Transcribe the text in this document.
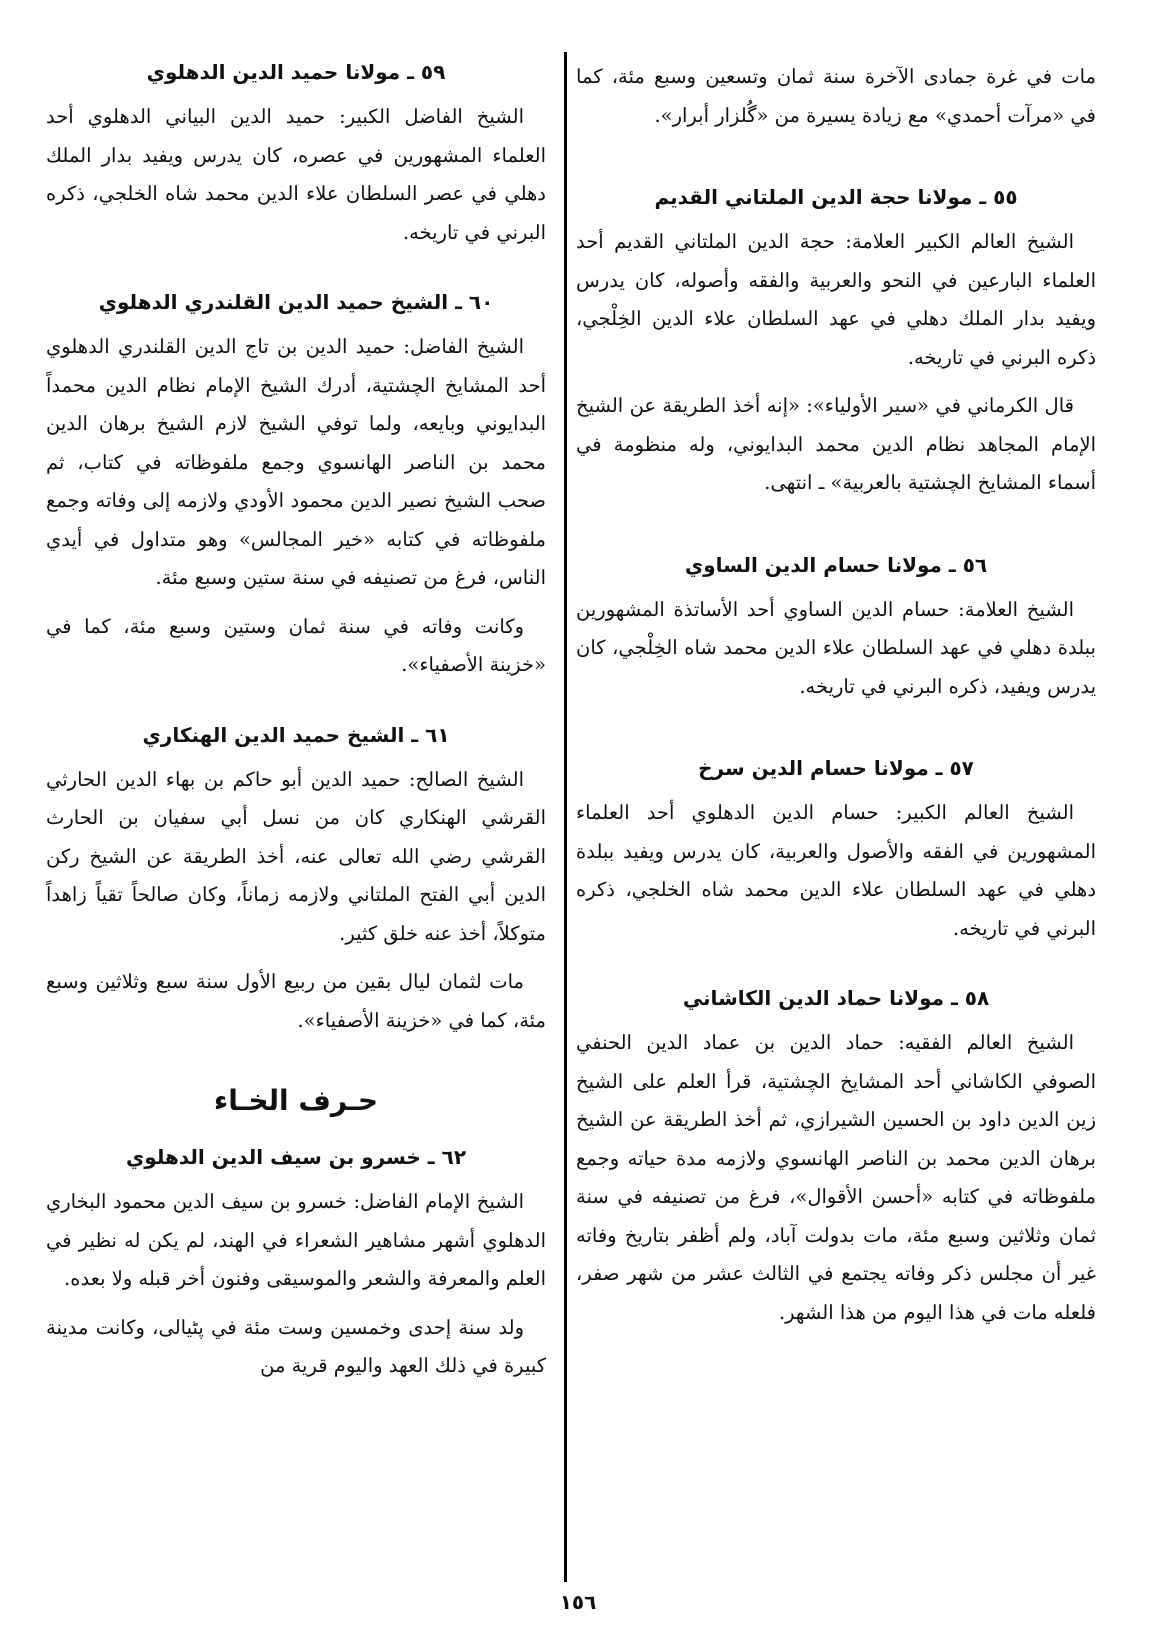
مات في غرة جمادى الآخرة سنة ثمان وتسعين وسبع مئة، كما في «مرآت أحمدي» مع زيادة يسيرة من «گُلزار أبرار».

٥٥ ـ مولانا حجة الدين الملتاني القديم

الشيخ العالم الكبير العلامة: حجة الدين الملتاني القديم أحد العلماء البارعين في النحو والعربية والفقه وأصوله، كان يدرس ويفيد بدار الملك دهلي في عهد السلطان علاء الدين الخِلْجي، ذكره البرني في تاريخه.

قال الكرماني في «سير الأولياء»: «إنه أخذ الطريقة عن الشيخ الإمام المجاهد نظام الدين محمد البدايوني، وله منظومة في أسماء المشايخ الچشتية بالعربية» ـ انتهى.

٥٦ ـ مولانا حسام الدين الساوي

الشيخ العلامة: حسام الدين الساوي أحد الأساتذة المشهورين ببلدة دهلي في عهد السلطان علاء الدين محمد شاه الخِلْجي، كان يدرس ويفيد، ذكره البرني في تاريخه.

٥٧ ـ مولانا حسام الدين سرخ

الشيخ العالم الكبير: حسام الدين الدهلوي أحد العلماء المشهورين في الفقه والأصول والعربية، كان يدرس ويفيد ببلدة دهلي في عهد السلطان علاء الدين محمد شاه الخلجي، ذكره البرني في تاريخه.

٥٨ ـ مولانا حماد الدين الكاشاني

الشيخ العالم الفقيه: حماد الدين بن عماد الدين الحنفي الصوفي الكاشاني أحد المشايخ الچشتية، قرأ العلم على الشيخ زين الدين داود بن الحسين الشيرازي، ثم أخذ الطريقة عن الشيخ برهان الدين محمد بن الناصر الهانسوي ولازمه مدة حياته وجمع ملفوظاته في كتابه «أحسن الأقوال»، فرغ من تصنيفه في سنة ثمان وثلاثين وسبع مئة، مات بدولت آباد، ولم أظفر بتاريخ وفاته غير أن مجلس ذكر وفاته يجتمع في الثالث عشر من شهر صفر، فلعله مات في هذا اليوم من هذا الشهر.

٥٩ ـ مولانا حميد الدين الدهلوي

الشيخ الفاضل الكبير: حميد الدين البياني الدهلوي أحد العلماء المشهورين في عصره، كان يدرس ويفيد بدار الملك دهلي في عصر السلطان علاء الدين محمد شاه الخلجي، ذكره البرني في تاريخه.

٦٠ ـ الشيخ حميد الدين القلندري الدهلوي

الشيخ الفاضل: حميد الدين بن تاج الدين القلندري الدهلوي أحد المشايخ الچشتية، أدرك الشيخ الإمام نظام الدين محمداً البدايوني وبايعه، ولما توفي الشيخ لازم الشيخ برهان الدين محمد بن الناصر الهانسوي وجمع ملفوظاته في كتاب، ثم صحب الشيخ نصير الدين محمود الأودي ولازمه إلى وفاته وجمع ملفوظاته في كتابه «خير المجالس» وهو متداول في أيدي الناس، فرغ من تصنيفه في سنة ستين وسبع مئة.

وكانت وفاته في سنة ثمان وستين وسبع مئة، كما في «خزينة الأصفياء».

٦١ ـ الشيخ حميد الدين الهنكاري

الشيخ الصالح: حميد الدين أبو حاكم بن بهاء الدين الحارثي القرشي الهنكاري كان من نسل أبي سفيان بن الحارث القرشي رضي الله تعالى عنه، أخذ الطريقة عن الشيخ ركن الدين أبي الفتح الملتاني ولازمه زماناً، وكان صالحاً تقياً زاهداً متوكلاً، أخذ عنه خلق كثير.

مات لثمان ليال بقين من ربيع الأول سنة سبع وثلاثين وسبع مئة، كما في «خزينة الأصفياء».

حـرف الخـاء
٦٢ ـ خسرو بن سيف الدين الدهلوي

الشيخ الإمام الفاضل: خسرو بن سيف الدين محمود البخاري الدهلوي أشهر مشاهير الشعراء في الهند، لم يكن له نظير في العلم والمعرفة والشعر والموسيقى وفنون أخر قبله ولا بعده.

ولد سنة إحدى وخمسين وست مئة في پٹيالی، وكانت مدينة كبيرة في ذلك العهد واليوم قرية من

١٥٦
